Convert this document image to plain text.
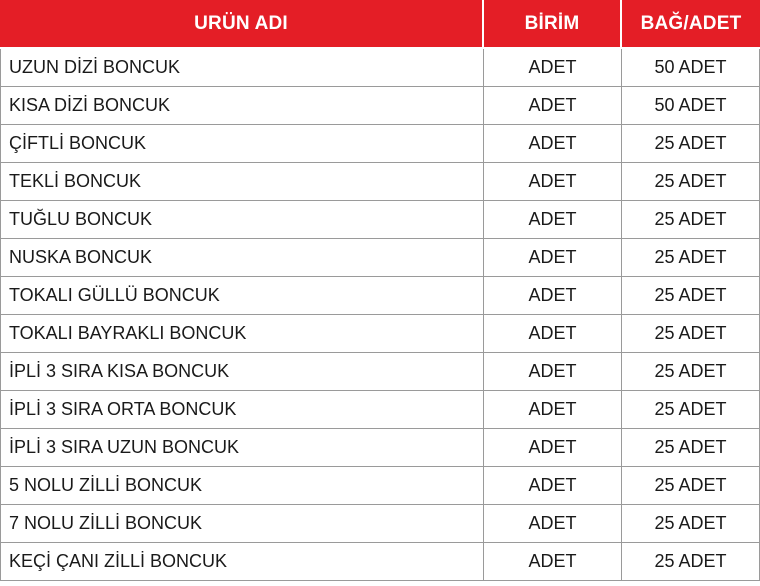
URÜN ADI	BİRİM	BAĞ/ADET
UZUN DİZİ BONCUK	ADET	50 ADET
KISA DİZİ BONCUK	ADET	50 ADET
ÇİFTLİ BONCUK	ADET	25 ADET
TEKLİ BONCUK	ADET	25 ADET
TUĞLU BONCUK	ADET	25 ADET
NUSKA BONCUK	ADET	25 ADET
TOKALI GÜLLÜ BONCUK	ADET	25 ADET
TOKALI BAYRAKLI BONCUK	ADET	25 ADET
İPLİ 3 SIRA KISA BONCUK	ADET	25 ADET
İPLİ 3 SIRA ORTA BONCUK	ADET	25 ADET
İPLİ 3 SIRA UZUN BONCUK	ADET	25 ADET
5 NOLU ZİLLİ BONCUK	ADET	25 ADET
7 NOLU ZİLLİ BONCUK	ADET	25 ADET
KEÇİ ÇANI ZİLLİ BONCUK	ADET	25 ADET
